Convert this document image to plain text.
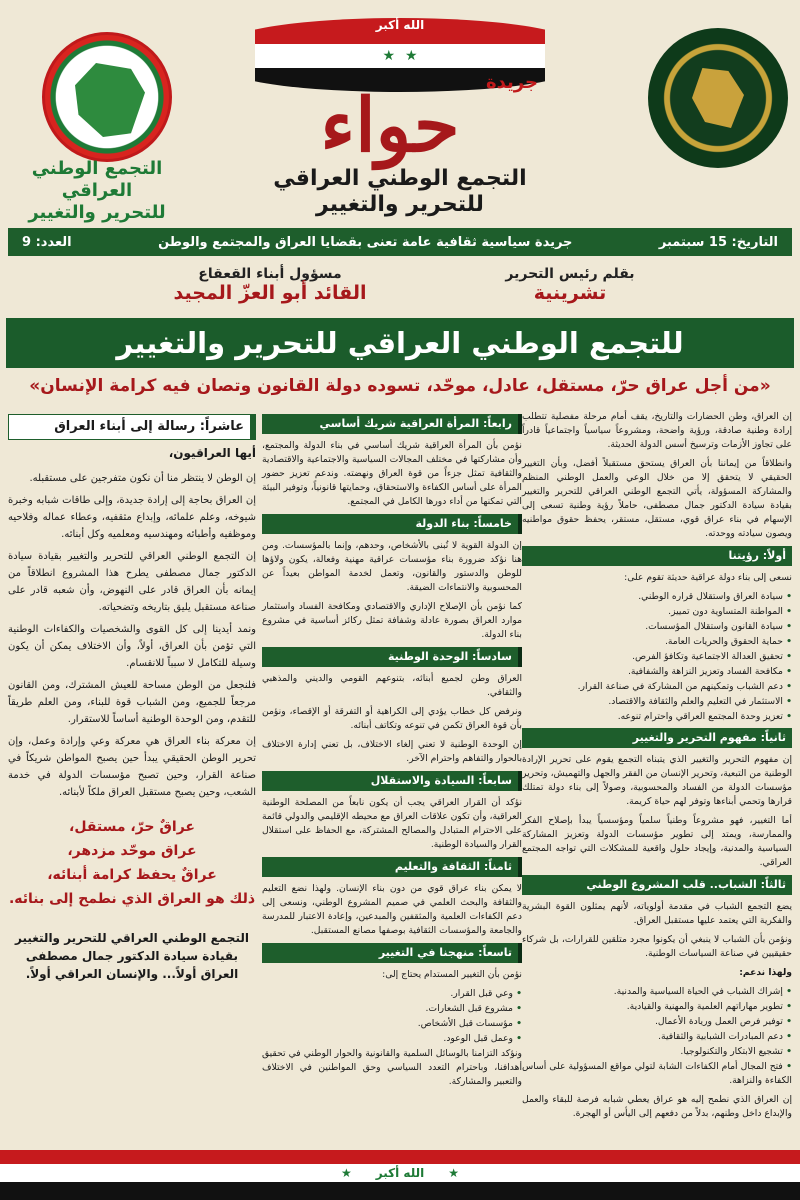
التجمع الوطني العراقي
للتحرير والتغيير
★
★
الله أكبر
جريدة
حواء
التجمع الوطني العراقي
للتحرير والتغيير
التاريخ: 15 سبتمبر
جريدة سياسية ثقافية عامة تعنى بقضايا العراق والمجتمع والوطن
العدد: 9
بقلم رئيس التحرير
تشرينية
مسؤول أبناء القعقاع
القائد أبو العزّ المجيد
للتجمع الوطني العراقي للتحرير والتغيير
«من أجل عراق حرّ، مستقل، عادل، موحّد، تسوده دولة القانون وتصان فيه كرامة الإنسان»

إن العراق، وطن الحضارات والتاريخ، يقف أمام مرحلة مفصلية تتطلب إرادة وطنية صادقة، ورؤية واضحة، ومشروعاً سياسياً واجتماعياً قادراً على تجاوز الأزمات وترسيخ أسس الدولة الحديثة.

وانطلاقاً من إيماننا بأن العراق يستحق مستقبلاً أفضل، وبأن التغيير الحقيقي لا يتحقق إلا من خلال الوعي والعمل الوطني المنظم والمشاركة المسؤولة، يأتي التجمع الوطني العراقي للتحرير والتغيير بقيادة سيادة الدكتور جمال مصطفى، حاملاً رؤية وطنية تسعى إلى الإسهام في بناء عراق قوي، مستقل، مستقر، يحفظ حقوق مواطنيه ويصون سيادته ووحدته.

أولاً: رؤيتنا

نسعى إلى بناء دولة عراقية حديثة تقوم على:

• سيادة العراق واستقلال قراره الوطني.
• المواطنة المتساوية دون تمييز.
• سيادة القانون واستقلال المؤسسات.
• حماية الحقوق والحريات العامة.
• تحقيق العدالة الاجتماعية وتكافؤ الفرص.
• مكافحة الفساد وتعزيز النزاهة والشفافية.
• دعم الشباب وتمكينهم من المشاركة في صناعة القرار.
• الاستثمار في التعليم والعلم والثقافة والاقتصاد.
• تعزيز وحدة المجتمع العراقي واحترام تنوعه.
ثانياً: مفهوم التحرير والتغيير

إن مفهوم التحرير والتغيير الذي يتبناه التجمع يقوم على تحرير الإرادة الوطنية من التبعية، وتحرير الإنسان من الفقر والجهل والتهميش، وتحرير مؤسسات الدولة من الفساد والمحسوبية، وصولاً إلى بناء دولة تمتلك قرارها وتحمي أبناءها وتوفر لهم حياة كريمة.

أما التغيير، فهو مشروعاً وطنياً سلمياً ومؤسسياً يبدأ بإصلاح الفكر والممارسة، ويمتد إلى تطوير مؤسسات الدولة وتعزيز المشاركة السياسية والمدنية، وإيجاد حلول واقعية للمشكلات التي تواجه المجتمع العراقي.

ثالثاً: الشباب.. قلب المشروع الوطني

يضع التجمع الشباب في مقدمة أولوياته، لأنهم يمثلون القوة البشرية والفكرية التي يعتمد عليها مستقبل العراق.

ونؤمن بأن الشباب لا ينبغي أن يكونوا مجرد متلقين للقرارات، بل شركاء حقيقيين في صناعة السياسات الوطنية.

ولهذا ندعم:

• إشراك الشباب في الحياة السياسية والمدنية.
• تطوير مهاراتهم العلمية والمهنية والقيادية.
• توفير فرص العمل وريادة الأعمال.
• دعم المبادرات الشبابية والثقافية.
• تشجيع الابتكار والتكنولوجيا.
• فتح المجال أمام الكفاءات الشابة لتولي مواقع المسؤولية على أساس الكفاءة والنزاهة.

إن العراق الذي نطمح إليه هو عراق يعطي شبابه فرصة للبقاء والعمل والإبداع داخل وطنهم، بدلاً من دفعهم إلى اليأس أو الهجرة.

رابعاً: المرأة العراقية شريك أساسي

نؤمن بأن المرأة العراقية شريك أساسي في بناء الدولة والمجتمع، وأن مشاركتها في مختلف المجالات السياسية والاجتماعية والاقتصادية والثقافية تمثل جزءاً من قوة العراق ونهضته. وندعم تعزيز حضور المرأة على أساس الكفاءة والاستحقاق، وحمايتها قانونياً، وتوفير البيئة التي تمكنها من أداء دورها الكامل في المجتمع.

خامساً: بناء الدولة

إن الدولة القوية لا تُبنى بالأشخاص، وحدهم، وإنما بالمؤسسات. ومن هنا نؤكد ضرورة بناء مؤسسات عراقية مهنية وفعالة، يكون ولاؤها للوطن والدستور والقانون، وتعمل لخدمة المواطن بعيداً عن المحسوبية والانتماءات الضيقة.

كما نؤمن بأن الإصلاح الإداري والاقتصادي ومكافحة الفساد واستثمار موارد العراق بصورة عادلة وشفافة تمثل ركائز أساسية في مشروع بناء الدولة.

سادساً: الوحدة الوطنية

العراق وطن لجميع أبنائه، بتنوعهم القومي والديني والمذهبي والثقافي.

ونرفض كل خطاب يؤدي إلى الكراهية أو التفرقة أو الإقصاء، ونؤمن بأن قوة العراق تكمن في تنوعه وتكاتف أبنائه.

إن الوحدة الوطنية لا تعني إلغاء الاختلاف، بل تعني إدارة الاختلاف بالحوار والتفاهم واحترام الآخر.

سابعاً: السيادة والاستقلال

نؤكد أن القرار العراقي يجب أن يكون نابعاً من المصلحة الوطنية العراقية، وأن تكون علاقات العراق مع محيطه الإقليمي والدولي قائمة على الاحترام المتبادل والمصالح المشتركة، مع الحفاظ على استقلال القرار والسيادة الوطنية.

ثامناً: الثقافة والتعليم

لا يمكن بناء عراق قوي من دون بناء الإنسان. ولهذا نضع التعليم والثقافة والبحث العلمي في صميم المشروع الوطني، ونسعى إلى دعم الكفاءات العلمية والمثقفين والمبدعين، وإعادة الاعتبار للمدرسة والجامعة والمؤسسات الثقافية بوصفها مصانع المستقبل.

تاسعاً: منهجنا في التغيير

نؤمن بأن التغيير المستدام يحتاج إلى:

• وعي قبل القرار.
• مشروع قبل الشعارات.
• مؤسسات قبل الأشخاص.
• وعمل قبل الوعود.

ونؤكد التزامنا بالوسائل السلمية والقانونية والحوار الوطني في تحقيق أهدافنا، وباحترام التعدد السياسي وحق المواطنين في الاختلاف والتعبير والمشاركة.

عاشراً: رسالة إلى أبناء العراق
أيها العراقيون،

إن الوطن لا ينتظر منا أن نكون متفرجين على مستقبله.

إن العراق بحاجة إلى إرادة جديدة، وإلى طاقات شبابه وخبرة شيوخه، وعلم علمائه، وإبداع مثقفيه، وعطاء عماله وفلاحيه وموظفيه وأطبائه ومهندسيه ومعلميه وكل أبنائه.

إن التجمع الوطني العراقي للتحرير والتغيير بقيادة سيادة الدكتور جمال مصطفى يطرح هذا المشروع انطلاقاً من إيمانه بأن العراق قادر على النهوض، وأن شعبه قادر على صناعة مستقبل يليق بتاريخه وتضحياته.

ونمد أيدينا إلى كل القوى والشخصيات والكفاءات الوطنية التي تؤمن بأن العراق، أولاً، وأن الاختلاف يمكن أن يكون وسيلة للتكامل لا سبباً للانقسام.

فلنجعل من الوطن مساحة للعيش المشترك، ومن القانون مرجعاً للجميع، ومن الشباب قوة للبناء، ومن العلم طريقاً للتقدم، ومن الوحدة الوطنية أساساً للاستقرار.

إن معركة بناء العراق هي معركة وعي وإرادة وعمل، وإن تحرير الوطن الحقيقي يبدأ حين يصبح المواطن شريكاً في صناعة القرار، وحين تصبح مؤسسات الدولة في خدمة الشعب، وحين يصبح مستقبل العراق ملكاً لأبنائه.

عراقٌ حرّ، مستقل،
عراق موحّد مزدهر،
عراقٌ يحفظ كرامة أبنائه،
ذلك هو العراق الذي نطمح إلى بنائه.
التجمع الوطني العراقي للتحرير والتغيير
بقيادة سيادة الدكتور جمال مصطفى
العراق أولاً... والإنسان العراقي أولاً.
★
الله أكبر
★
